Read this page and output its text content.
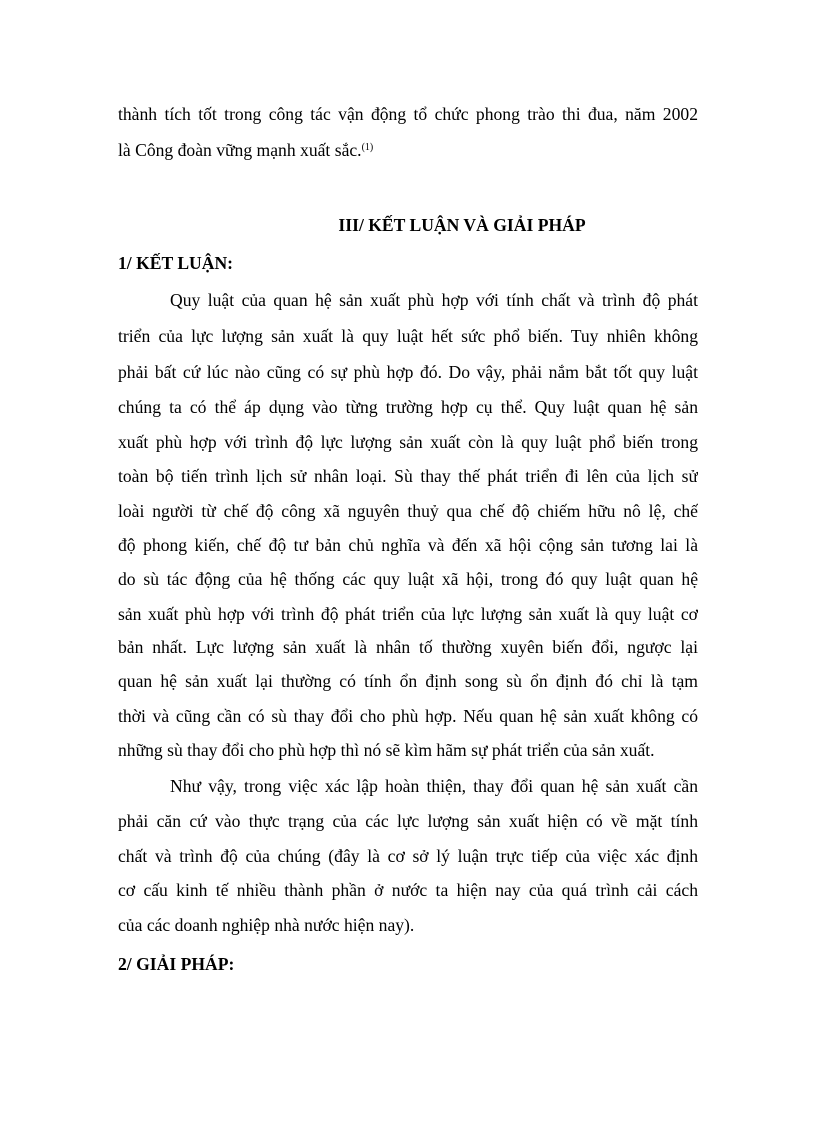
thành tích tốt trong công tác vận động tổ chức phong trào thi đua, năm 2002
là Công đoàn vững mạnh xuất sắc.$^{(1)}$
III/ KẾT LUẬN VÀ GIẢI PHÁP
1/ KẾT LUẬN:
Quy luật của quan hệ sản xuất phù hợp với tính chất và trình độ phát
triển của lực lượng sản xuất là quy luật hết sức phổ biến. Tuy nhiên không
phải bất cứ lúc nào cũng có sự phù hợp đó. Do vậy, phải nắm bắt tốt quy luật
chúng ta có thể áp dụng vào từng trường hợp cụ thể. Quy luật quan hệ sản
xuất phù hợp với trình độ lực lượng sản xuất còn là quy luật phổ biến trong
toàn bộ tiến trình lịch sử nhân loại. Sù thay thế phát triển đi lên của lịch sử
loài người từ chế độ công xã nguyên thuỷ qua chế độ chiếm hữu nô lệ, chế
độ phong kiến, chế độ tư bản chủ nghĩa và đến xã hội cộng sản tương lai là
do sù tác động của hệ thống các quy luật xã hội, trong đó quy luật quan hệ
sản xuất phù hợp với trình độ phát triển của lực lượng sản xuất là quy luật cơ
bản nhất. Lực lượng sản xuất là nhân tố thường xuyên biến đổi, ngược lại
quan hệ sản xuất lại thường có tính ổn định song sù ổn định đó chỉ là tạm
thời và cũng cần có sù thay đổi cho phù hợp. Nếu quan hệ sản xuất không có
những sù thay đổi cho phù hợp thì nó sẽ kìm hãm sự phát triển của sản xuất.
Như vậy, trong việc xác lập hoàn thiện, thay đổi quan hệ sản xuất cần
phải căn cứ vào thực trạng của các lực lượng sản xuất hiện có về mặt tính
chất và trình độ của chúng (đây là cơ sở lý luận trực tiếp của việc xác định
cơ cấu kinh tế nhiều thành phần ở nước ta hiện nay của quá trình cải cách
của các doanh nghiệp nhà nước hiện nay).
2/ GIẢI PHÁP:
